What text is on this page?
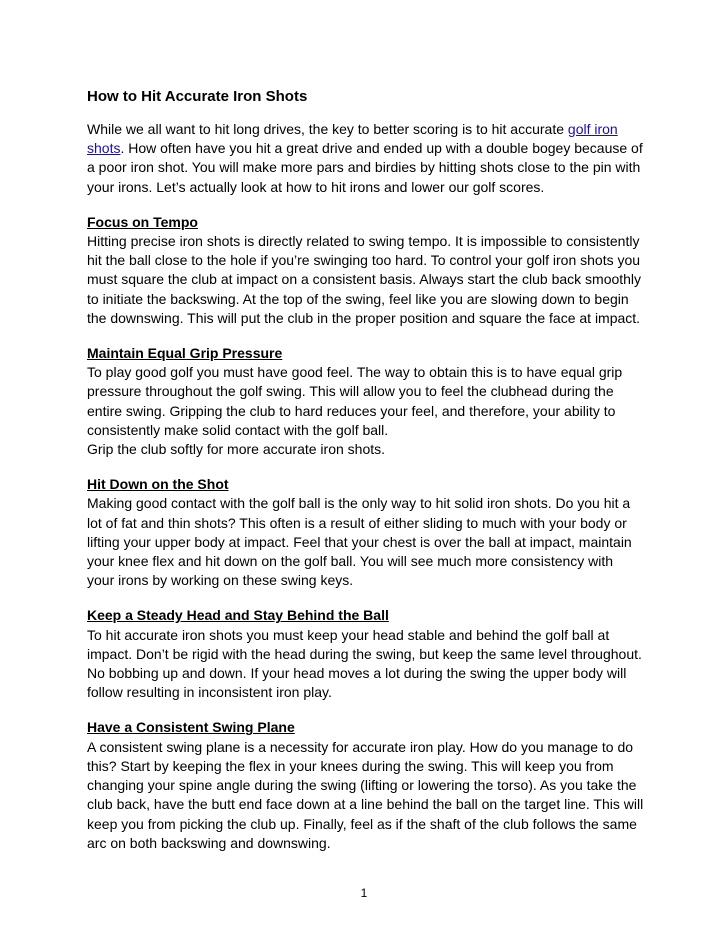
How to Hit Accurate Iron Shots

While we all want to hit long drives, the key to better scoring is to hit accurate golf iron shots. How often have you hit a great drive and ended up with a double bogey because of a poor iron shot. You will make more pars and birdies by hitting shots close to the pin with your irons. Let’s actually look at how to hit irons and lower our golf scores.

Focus on Tempo
Hitting precise iron shots is directly related to swing tempo. It is impossible to consistently hit the ball close to the hole if you’re swinging too hard. To control your golf iron shots you must square the club at impact on a consistent basis. Always start the club back smoothly to initiate the backswing. At the top of the swing, feel like you are slowing down to begin the downswing. This will put the club in the proper position and square the face at impact.

Maintain Equal Grip Pressure
To play good golf you must have good feel. The way to obtain this is to have equal grip pressure throughout the golf swing. This will allow you to feel the clubhead during the entire swing. Gripping the club to hard reduces your feel, and therefore, your ability to consistently make solid contact with the golf ball.
Grip the club softly for more accurate iron shots.

Hit Down on the Shot
Making good contact with the golf ball is the only way to hit solid iron shots. Do you hit a lot of fat and thin shots? This often is a result of either sliding to much with your body or lifting your upper body at impact. Feel that your chest is over the ball at impact, maintain your knee flex and hit down on the golf ball. You will see much more consistency with your irons by working on these swing keys.

Keep a Steady Head and Stay Behind the Ball
To hit accurate iron shots you must keep your head stable and behind the golf ball at impact. Don’t be rigid with the head during the swing, but keep the same level throughout. No bobbing up and down. If your head moves a lot during the swing the upper body will follow resulting in inconsistent iron play.

Have a Consistent Swing Plane
A consistent swing plane is a necessity for accurate iron play. How do you manage to do this? Start by keeping the flex in your knees during the swing. This will keep you from changing your spine angle during the swing (lifting or lowering the torso). As you take the club back, have the butt end face down at a line behind the ball on the target line. This will keep you from picking the club up. Finally, feel as if the shaft of the club follows the same arc on both backswing and downswing.

1
